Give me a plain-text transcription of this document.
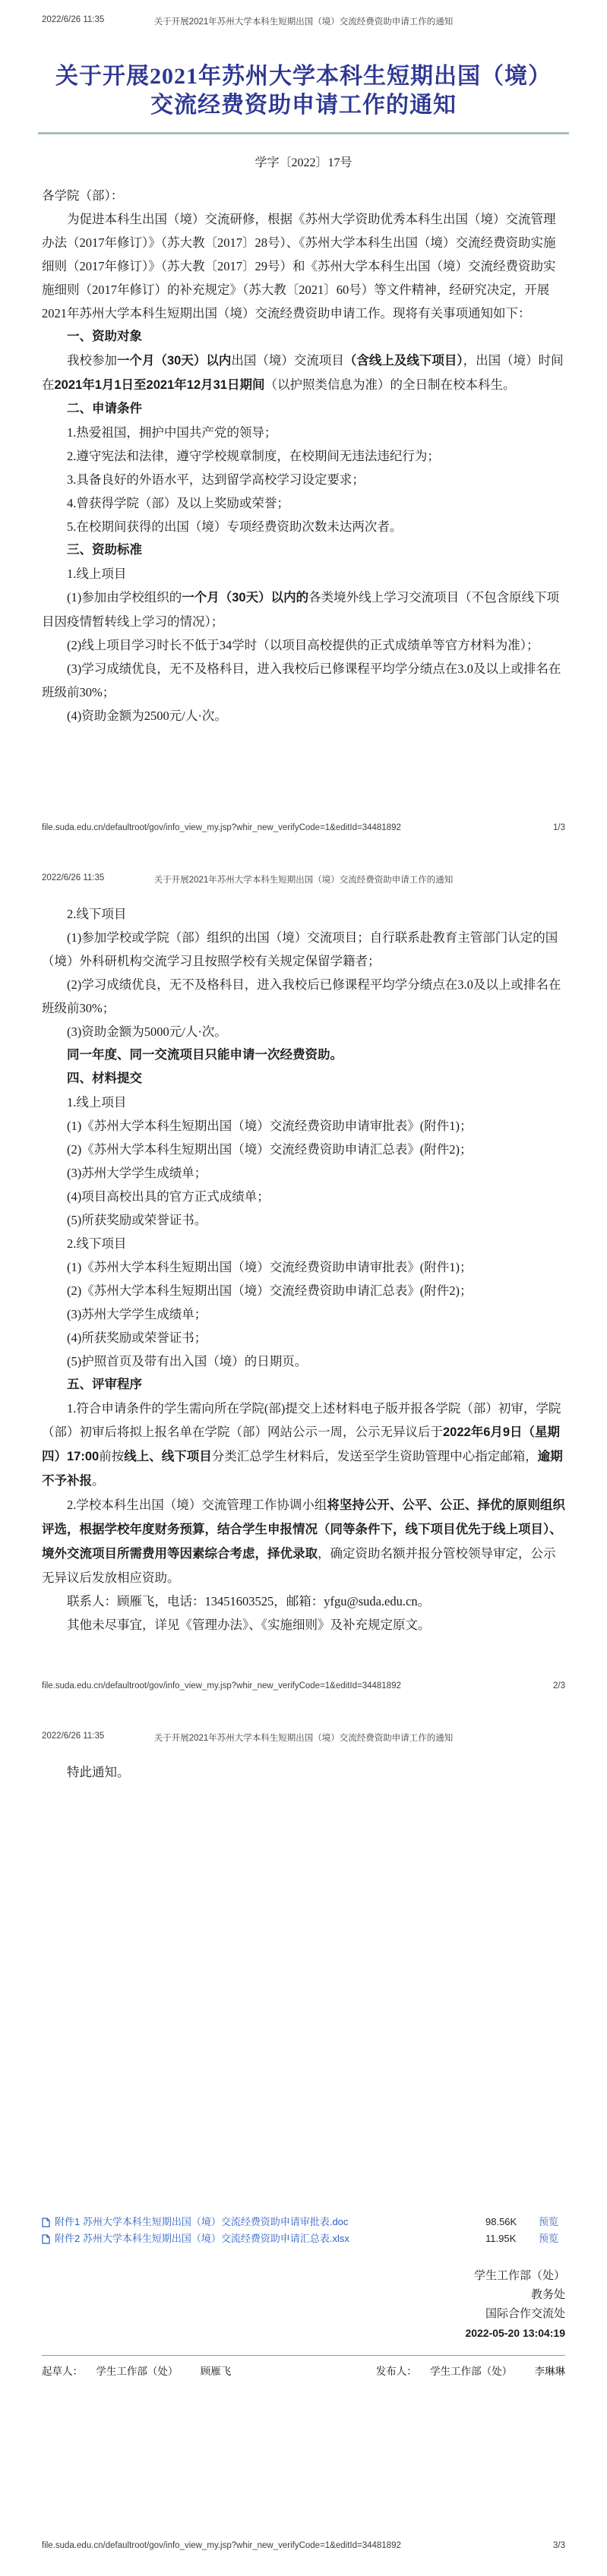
2022/6/26 11:35	关于开展2021年苏州大学本科生短期出国（境）交流经费资助申请工作的通知
关于开展2021年苏州大学本科生短期出国（境）
交流经费资助申请工作的通知
学字〔2022〕17号

各学院（部）：

为促进本科生出国（境）交流研修，根据《苏州大学资助优秀本科生出国（境）交流管理办法（2017年修订）》（苏大教〔2017〕28号）、《苏州大学本科生出国（境）交流经费资助实施细则（2017年修订）》（苏大教〔2017〕29号）和《苏州大学本科生出国（境）交流经费资助实施细则（2017年修订）的补充规定》（苏大教〔2021〕60号）等文件精神，经研究决定，开展2021年苏州大学本科生短期出国（境）交流经费资助申请工作。现将有关事项通知如下：

一、资助对象

我校参加一个月（30天）以内出国（境）交流项目（含线上及线下项目），出国（境）时间在2021年1月1日至2021年12月31日期间（以护照类信息为准）的全日制在校本科生。

二、申请条件

1.热爱祖国，拥护中国共产党的领导；

2.遵守宪法和法律，遵守学校规章制度，在校期间无违法违纪行为；

3.具备良好的外语水平，达到留学高校学习设定要求；

4.曾获得学院（部）及以上奖励或荣誉；

5.在校期间获得的出国（境）专项经费资助次数未达两次者。

三、资助标准

1.线上项目

(1)参加由学校组织的一个月（30天）以内的各类境外线上学习交流项目（不包含原线下项目因疫情暂转线上学习的情况）；

(2)线上项目学习时长不低于34学时（以项目高校提供的正式成绩单等官方材料为准）；

(3)学习成绩优良，无不及格科目，进入我校后已修课程平均学分绩点在3.0及以上或排名在班级前30%；

(4)资助金额为2500元/人·次。

file.suda.edu.cn/defaultroot/gov/info_view_my.jsp?whir_new_verifyCode=1&editId=34481892	1/3
2022/6/26 11:35	关于开展2021年苏州大学本科生短期出国（境）交流经费资助申请工作的通知

2.线下项目

(1)参加学校或学院（部）组织的出国（境）交流项目；自行联系赴教育主管部门认定的国（境）外科研机构交流学习且按照学校有关规定保留学籍者；

(2)学习成绩优良，无不及格科目，进入我校后已修课程平均学分绩点在3.0及以上或排名在班级前30%；

(3)资助金额为5000元/人·次。

同一年度、同一交流项目只能申请一次经费资助。

四、材料提交

1.线上项目

(1)《苏州大学本科生短期出国（境）交流经费资助申请审批表》(附件1)；

(2)《苏州大学本科生短期出国（境）交流经费资助申请汇总表》(附件2)；

(3)苏州大学学生成绩单；

(4)项目高校出具的官方正式成绩单；

(5)所获奖励或荣誉证书。

2.线下项目

(1)《苏州大学本科生短期出国（境）交流经费资助申请审批表》(附件1)；

(2)《苏州大学本科生短期出国（境）交流经费资助申请汇总表》(附件2)；

(3)苏州大学学生成绩单；

(4)所获奖励或荣誉证书；

(5)护照首页及带有出入国（境）的日期页。

五、评审程序

1.符合申请条件的学生需向所在学院(部)提交上述材料电子版并报各学院（部）初审，学院（部）初审后将拟上报名单在学院（部）网站公示一周，公示无异议后于2022年6月9日（星期四）17:00前按线上、线下项目分类汇总学生材料后，发送至学生资助管理中心指定邮箱，逾期不予补报。

2.学校本科生出国（境）交流管理工作协调小组将坚持公开、公平、公正、择优的原则组织评选，根据学校年度财务预算，结合学生申报情况（同等条件下，线下项目优先于线上项目）、境外交流项目所需费用等因素综合考虑，择优录取，确定资助名额并报分管校领导审定，公示无异议后发放相应资助。

联系人：顾雁飞，电话：13451603525，邮箱：yfgu@suda.edu.cn。

其他未尽事宜，详见《管理办法》、《实施细则》及补充规定原文。

file.suda.edu.cn/defaultroot/gov/info_view_my.jsp?whir_new_verifyCode=1&editId=34481892	2/3
2022/6/26 11:35	关于开展2021年苏州大学本科生短期出国（境）交流经费资助申请工作的通知

特此通知。

附件1 苏州大学本科生短期出国（境）交流经费资助申请审批表.doc	98.56K	预览
附件2 苏州大学本科生短期出国（境）交流经费资助申请汇总表.xlsx	11.95K	预览
学生工作部（处）
教务处
国际合作交流处
2022-05-20 13:04:19
起草人： 学生工作部（处） 顾雁飞	发布人： 学生工作部（处） 李琳琳
file.suda.edu.cn/defaultroot/gov/info_view_my.jsp?whir_new_verifyCode=1&editId=34481892	3/3
